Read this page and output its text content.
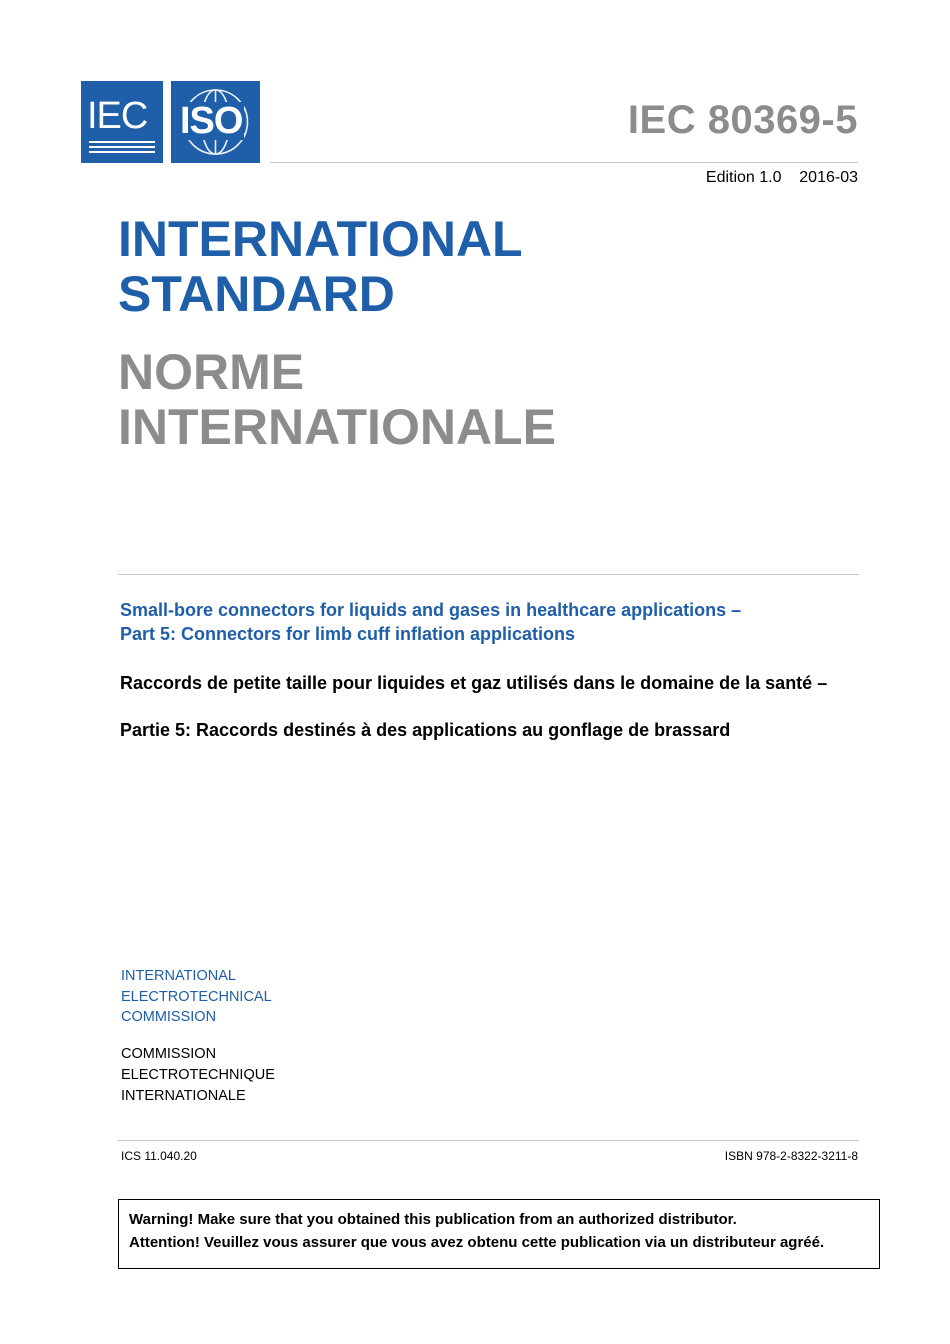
IEC ISO	IEC 80369-5
Edition 1.0 2016-03
INTERNATIONAL
STANDARD
NORME
INTERNATIONALE
Small-bore connectors for liquids and gases in healthcare applications –
Part 5: Connectors for limb cuff inflation applications
Raccords de petite taille pour liquides et gaz utilisés dans le domaine de la santé –
Partie 5: Raccords destinés à des applications au gonflage de brassard
INTERNATIONAL
ELECTROTECHNICAL
COMMISSION
COMMISSION
ELECTROTECHNIQUE
INTERNATIONALE
ICS 11.040.20	ISBN 978-2-8322-3211-8
Warning! Make sure that you obtained this publication from an authorized distributor.
Attention! Veuillez vous assurer que vous avez obtenu cette publication via un distributeur agréé.
